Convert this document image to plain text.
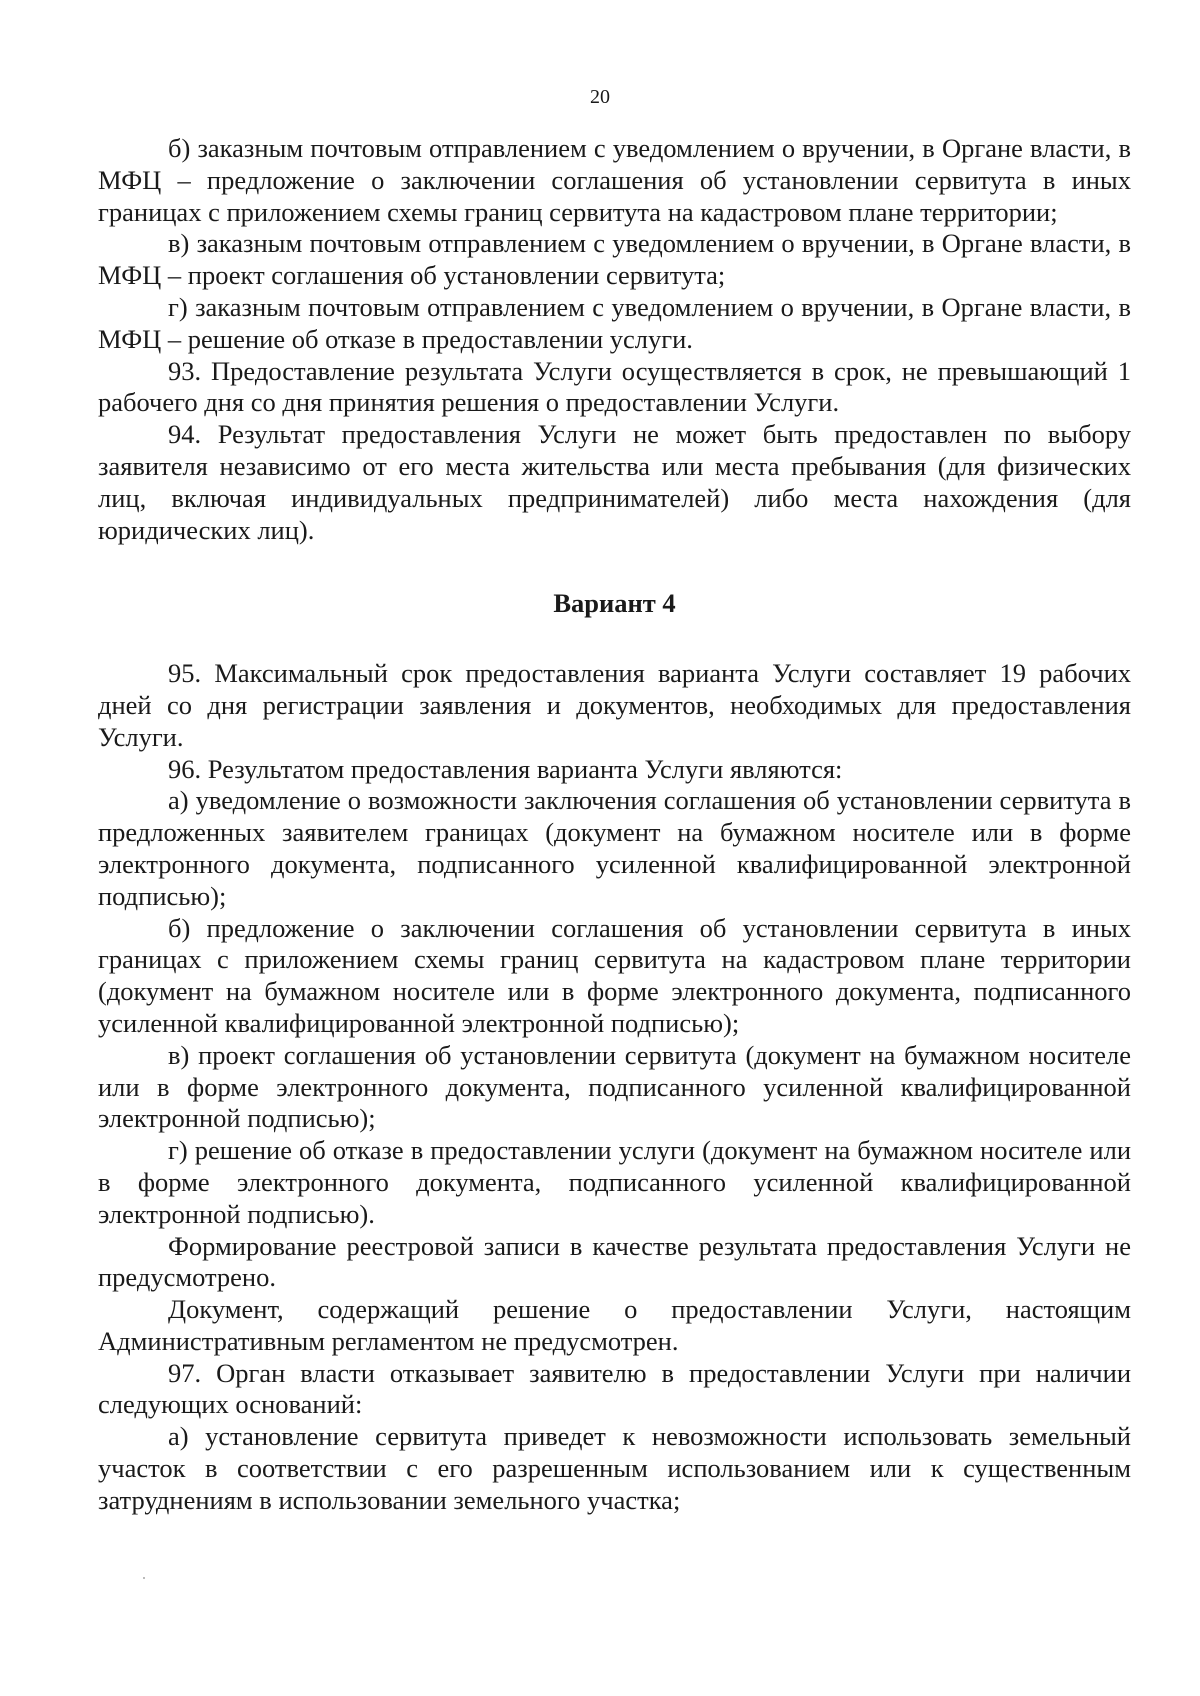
20

б) заказным почтовым отправлением с уведомлением о вручении, в Органе власти, в МФЦ – предложение о заключении соглашения об установлении сервитута в иных границах с приложением схемы границ сервитута на кадастровом плане территории;

в) заказным почтовым отправлением с уведомлением о вручении, в Органе власти, в МФЦ – проект соглашения об установлении сервитута;

г) заказным почтовым отправлением с уведомлением о вручении, в Органе власти, в МФЦ – решение об отказе в предоставлении услуги.

93. Предоставление результата Услуги осуществляется в срок, не превышающий 1 рабочего дня со дня принятия решения о предоставлении Услуги.

94. Результат предоставления Услуги не может быть предоставлен по выбору заявителя независимо от его места жительства или места пребывания (для физических лиц, включая индивидуальных предпринимателей) либо места нахождения (для юридических лиц).

Вариант 4

95. Максимальный срок предоставления варианта Услуги составляет 19 рабочих дней со дня регистрации заявления и документов, необходимых для предоставления Услуги.

96. Результатом предоставления варианта Услуги являются:

а) уведомление о возможности заключения соглашения об установлении сервитута в предложенных заявителем границах (документ на бумажном носителе или в форме электронного документа, подписанного усиленной квалифицированной электронной подписью);

б) предложение о заключении соглашения об установлении сервитута в иных границах с приложением схемы границ сервитута на кадастровом плане территории (документ на бумажном носителе или в форме электронного документа, подписанного усиленной квалифицированной электронной подписью);

в) проект соглашения об установлении сервитута (документ на бумажном носителе или в форме электронного документа, подписанного усиленной квалифицированной электронной подписью);

г) решение об отказе в предоставлении услуги (документ на бумажном носителе или в форме электронного документа, подписанного усиленной квалифицированной электронной подписью).

Формирование реестровой записи в качестве результата предоставления Услуги не предусмотрено.

Документ, содержащий решение о предоставлении Услуги, настоящим Административным регламентом не предусмотрен.

97. Орган власти отказывает заявителю в предоставлении Услуги при наличии следующих оснований:

а) установление сервитута приведет к невозможности использовать земельный участок в соответствии с его разрешенным использованием или к существенным затруднениям в использовании земельного участка;
